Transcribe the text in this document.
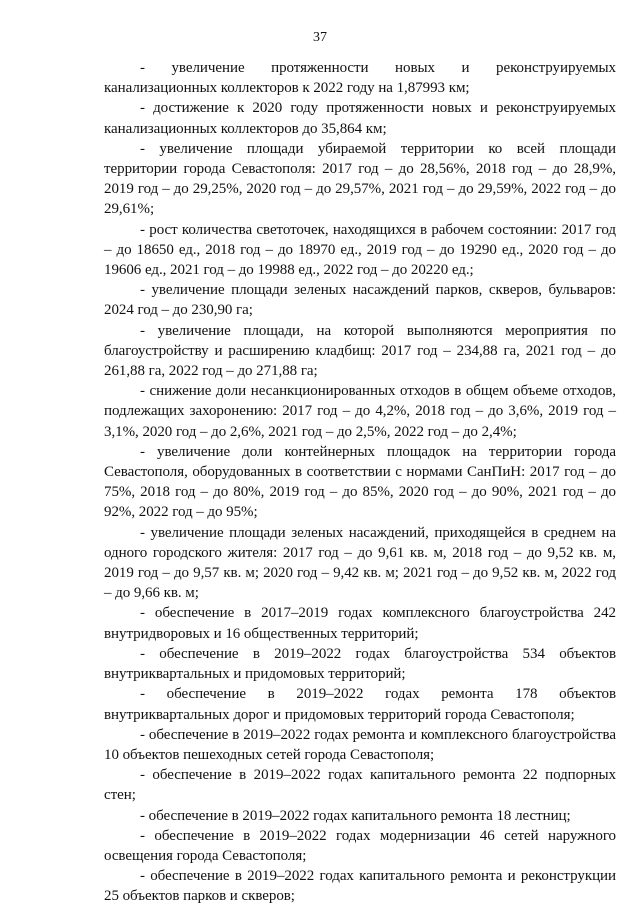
37

- увеличение протяженности новых и реконструируемых канализационных коллекторов к 2022 году на 1,87993 км;

- достижение к 2020 году протяженности новых и реконструируемых канализационных коллекторов до 35,864 км;

- увеличение площади убираемой территории ко всей площади территории города Севастополя: 2017 год – до 28,56%, 2018 год – до 28,9%, 2019 год – до 29,25%, 2020 год – до 29,57%, 2021 год – до 29,59%, 2022 год – до 29,61%;

- рост количества светоточек, находящихся в рабочем состоянии: 2017 год – до 18650 ед., 2018 год – до 18970 ед., 2019 год – до 19290 ед., 2020 год – до 19606 ед., 2021 год – до 19988 ед., 2022 год – до 20220 ед.;

- увеличение площади зеленых насаждений парков, скверов, бульваров: 2024 год – до 230,90 га;

- увеличение площади, на которой выполняются мероприятия по благоустройству и расширению кладбищ: 2017 год – 234,88 га, 2021 год – до 261,88 га, 2022 год – до 271,88 га;

- снижение доли несанкционированных отходов в общем объеме отходов, подлежащих захоронению: 2017 год – до 4,2%, 2018 год – до 3,6%, 2019 год – 3,1%, 2020 год – до 2,6%, 2021 год – до 2,5%, 2022 год – до 2,4%;

- увеличение доли контейнерных площадок на территории города Севастополя, оборудованных в соответствии с нормами СанПиН: 2017 год – до 75%, 2018 год – до 80%, 2019 год – до 85%, 2020 год – до 90%, 2021 год – до 92%, 2022 год – до 95%;

- увеличение площади зеленых насаждений, приходящейся в среднем на одного городского жителя: 2017 год – до 9,61 кв. м, 2018 год – до 9,52 кв. м, 2019 год – до 9,57 кв. м; 2020 год – 9,42 кв. м; 2021 год – до 9,52 кв. м, 2022 год – до 9,66 кв. м;

- обеспечение в 2017–2019 годах комплексного благоустройства 242 внутридворовых и 16 общественных территорий;

- обеспечение в 2019–2022 годах благоустройства 534 объектов внутриквартальных и придомовых территорий;

- обеспечение в 2019–2022 годах ремонта 178 объектов внутриквартальных дорог и придомовых территорий города Севастополя;

- обеспечение в 2019–2022 годах ремонта и комплексного благоустройства 10 объектов пешеходных сетей города Севастополя;

- обеспечение в 2019–2022 годах капитального ремонта 22 подпорных стен;

- обеспечение в 2019–2022 годах капитального ремонта 18 лестниц;

- обеспечение в 2019–2022 годах модернизации 46 сетей наружного освещения города Севастополя;

- обеспечение в 2019–2022 годах капитального ремонта и реконструкции 25 объектов парков и скверов;
